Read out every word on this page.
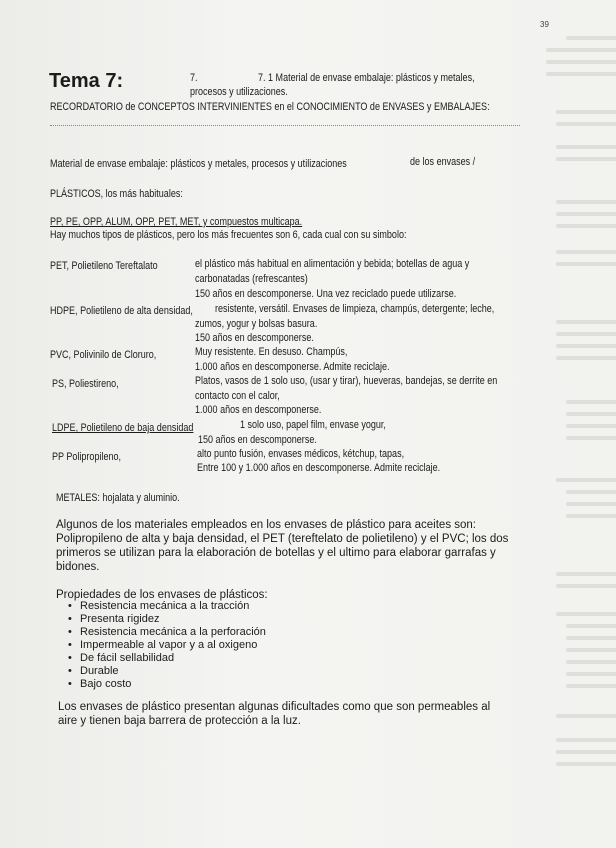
39
Tema 7:	7.	7. 1 Material de envase embalaje: plásticos y metales,
procesos y utilizaciones.
RECORDATORIO de CONCEPTOS INTERVINIENTES en el CONOCIMIENTO de ENVASES y EMBALAJES:
Material de envase embalaje: plásticos y metales, procesos y utilizaciones	de los envases /
PLÁSTICOS, los más habituales:
PP, PE, OPP, ALUM, OPP, PET, MET, y compuestos multicapa.
Hay muchos tipos de plásticos, pero los más frecuentes son 6, cada cual con su simbolo:
PET, Polietileno Tereftalato	el plástico más habitual en alimentación y bebida; botellas de agua y
carbonatadas (refrescantes)
150 años en descomponerse. Una vez reciclado puede utilizarse.
HDPE, Polietileno de alta densidad, resistente, versátil. Envases de limpieza, champús, detergente; leche,
zumos, yogur y bolsas basura.
150 años en descomponerse.
PVC, Polivinilo de Cloruro,	Muy resistente. En desuso. Champús,
1.000 años en descomponerse. Admite reciclaje.
PS, Poliestireno,	Platos, vasos de 1 solo uso, (usar y tirar), hueveras, bandejas, se derrite en
contacto con el calor,
1.000 años en descomponerse.
LDPE, Polietileno de baja densidad	1 solo uso, papel film, envase yogur,
150 años en descomponerse.
PP Polipropileno,	alto punto fusión, envases médicos, kétchup, tapas,
Entre 100 y 1.000 años en descomponerse. Admite reciclaje.
METALES: hojalata y aluminio.
Algunos de los materiales empleados en los envases de plástico para aceites son:
Polipropileno de alta y baja densidad, el PET (tereftelato de polietileno) y el PVC; los dos
primeros se utilizan para la elaboración de botellas y el ultimo para elaborar garrafas y
bidones.
Propiedades de los envases de plásticos:
• Resistencia mecánica a la tracción
• Presenta rigidez
• Resistencia mecánica a la perforación
• Impermeable al vapor y a al oxigeno
• De fácil sellabilidad
• Durable
• Bajo costo
Los envases de plástico presentan algunas dificultades como que son permeables al
aire y tienen baja barrera de protección a la luz.
